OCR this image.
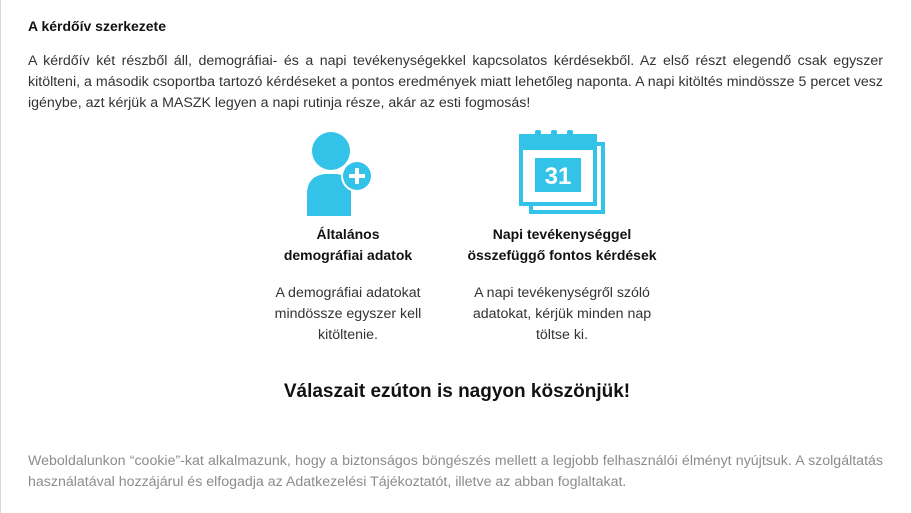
A kérdőív szerkezete

A kérdőív két részből áll, demográfiai- és a napi tevékenységekkel kapcsolatos kérdésekből. Az első részt elegendő csak egyszer kitölteni, a második csoportba tartozó kérdéseket a pontos eredmények miatt lehetőleg naponta. A napi kitöltés mindössze 5 percet vesz igénybe, azt kérjük a MASZK legyen a napi rutinja része, akár az esti fogmosás!

Általános
demográfiai adatok

A demográfiai adatokat
mindössze egyszer kell
kitöltenie.

31
Napi tevékenységgel
összefüggő fontos kérdések

A napi tevékenységről szóló
adatokat, kérjük minden nap
töltse ki.

Válaszait ezúton is nagyon köszönjük!

Weboldalunkon “cookie”-kat alkalmazunk, hogy a biztonságos böngészés mellett a legjobb felhasználói élményt nyújtsuk. A szolgáltatás használatával hozzájárul és elfogadja az Adatkezelési Tájékoztatót, illetve az abban foglaltakat.
